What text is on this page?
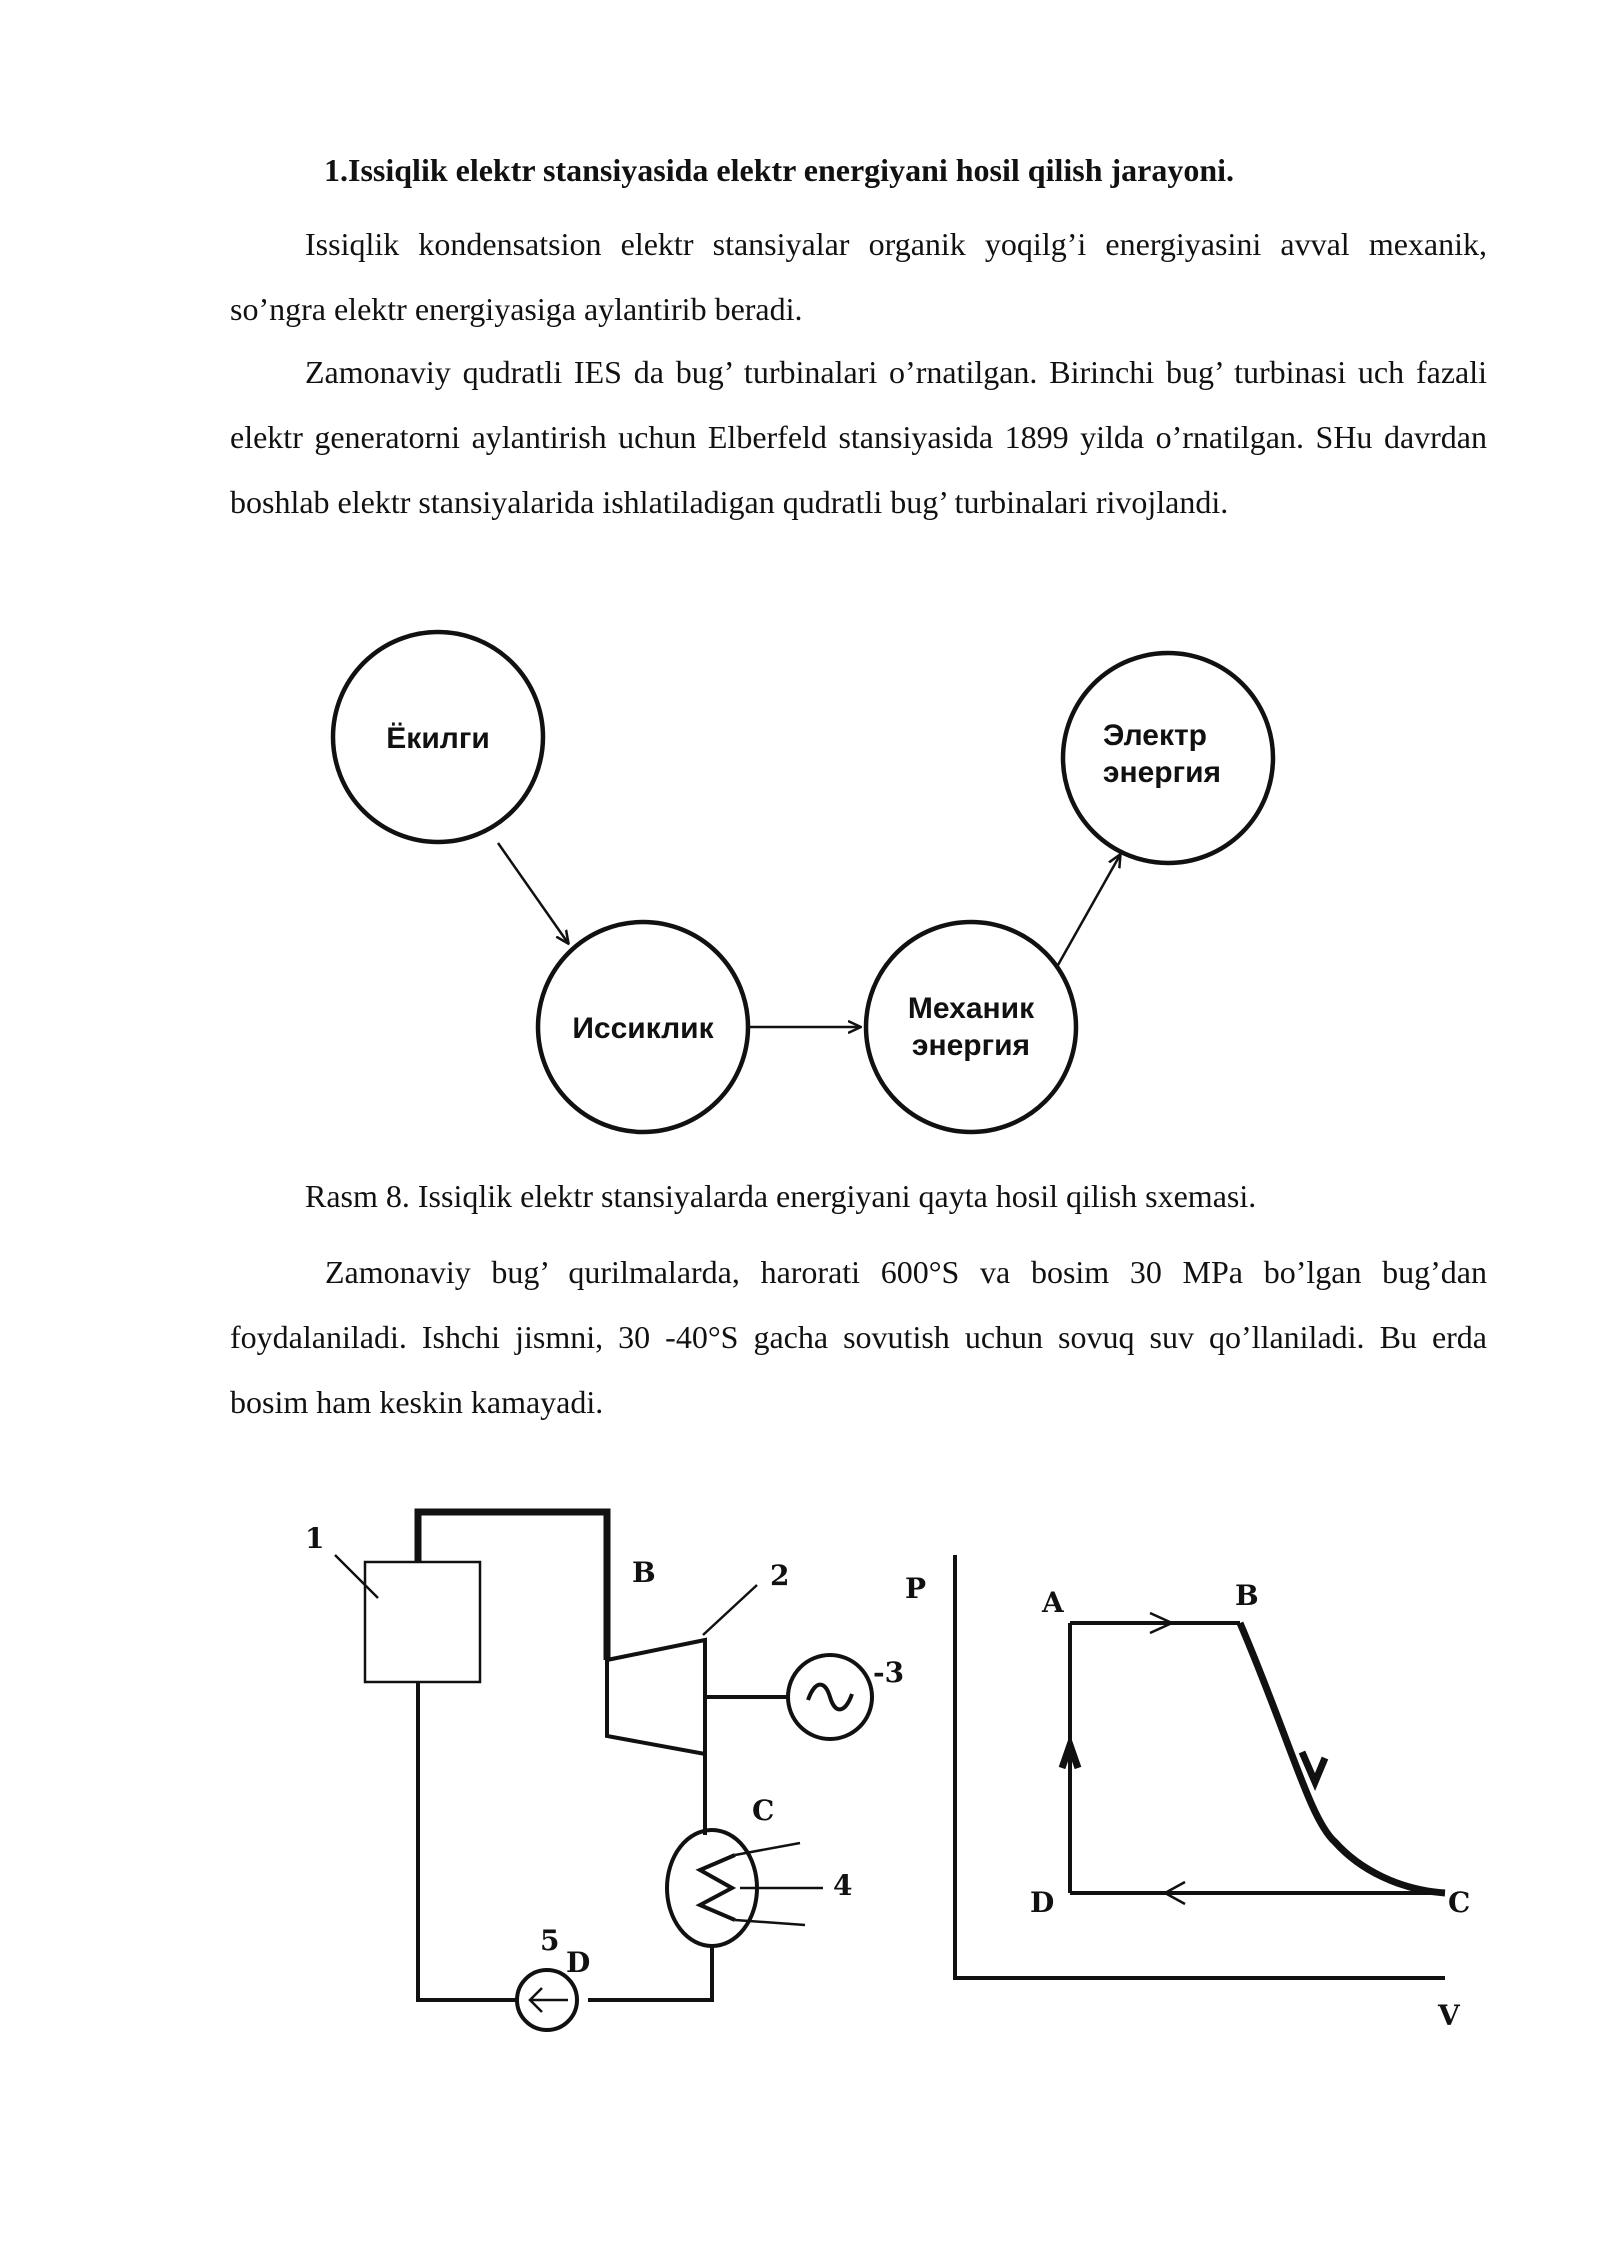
1.Issiqlik elektr stansiyasida elektr energiyani hosil qilish jarayoni.

Issiqlik kondensatsion elektr stansiyalar organik yoqilg’i energiyasini avval mexanik, so’ngra elektr energiyasiga aylantirib beradi.

Zamonaviy qudratli IES da bug’ turbinalari o’rnatilgan. Birinchi bug’ turbinasi uch fazali elektr generatorni aylantirish uchun Elberfeld stansiyasida 1899 yilda o’rnatilgan. SHu davrdan boshlab elektr stansiyalarida ishlatiladigan qudratli bug’ turbinalari rivojlandi.

Ёкилги
Иссиклик
Механик
энергия
Электр
энергия
1
B	2
-3
C
4
5
D
P
V
A	B
C
D
Rasm 8. Issiqlik elektr stansiyalarda energiyani qayta hosil qilish sxemasi.

Zamonaviy bug’ qurilmalarda, harorati 600°S va bosim 30 MPa bo’lgan bug’dan foydalaniladi. Ishchi jismni, 30 -40°S gacha sovutish uchun sovuq suv qo’llaniladi. Bu erda bosim ham keskin kamayadi.
